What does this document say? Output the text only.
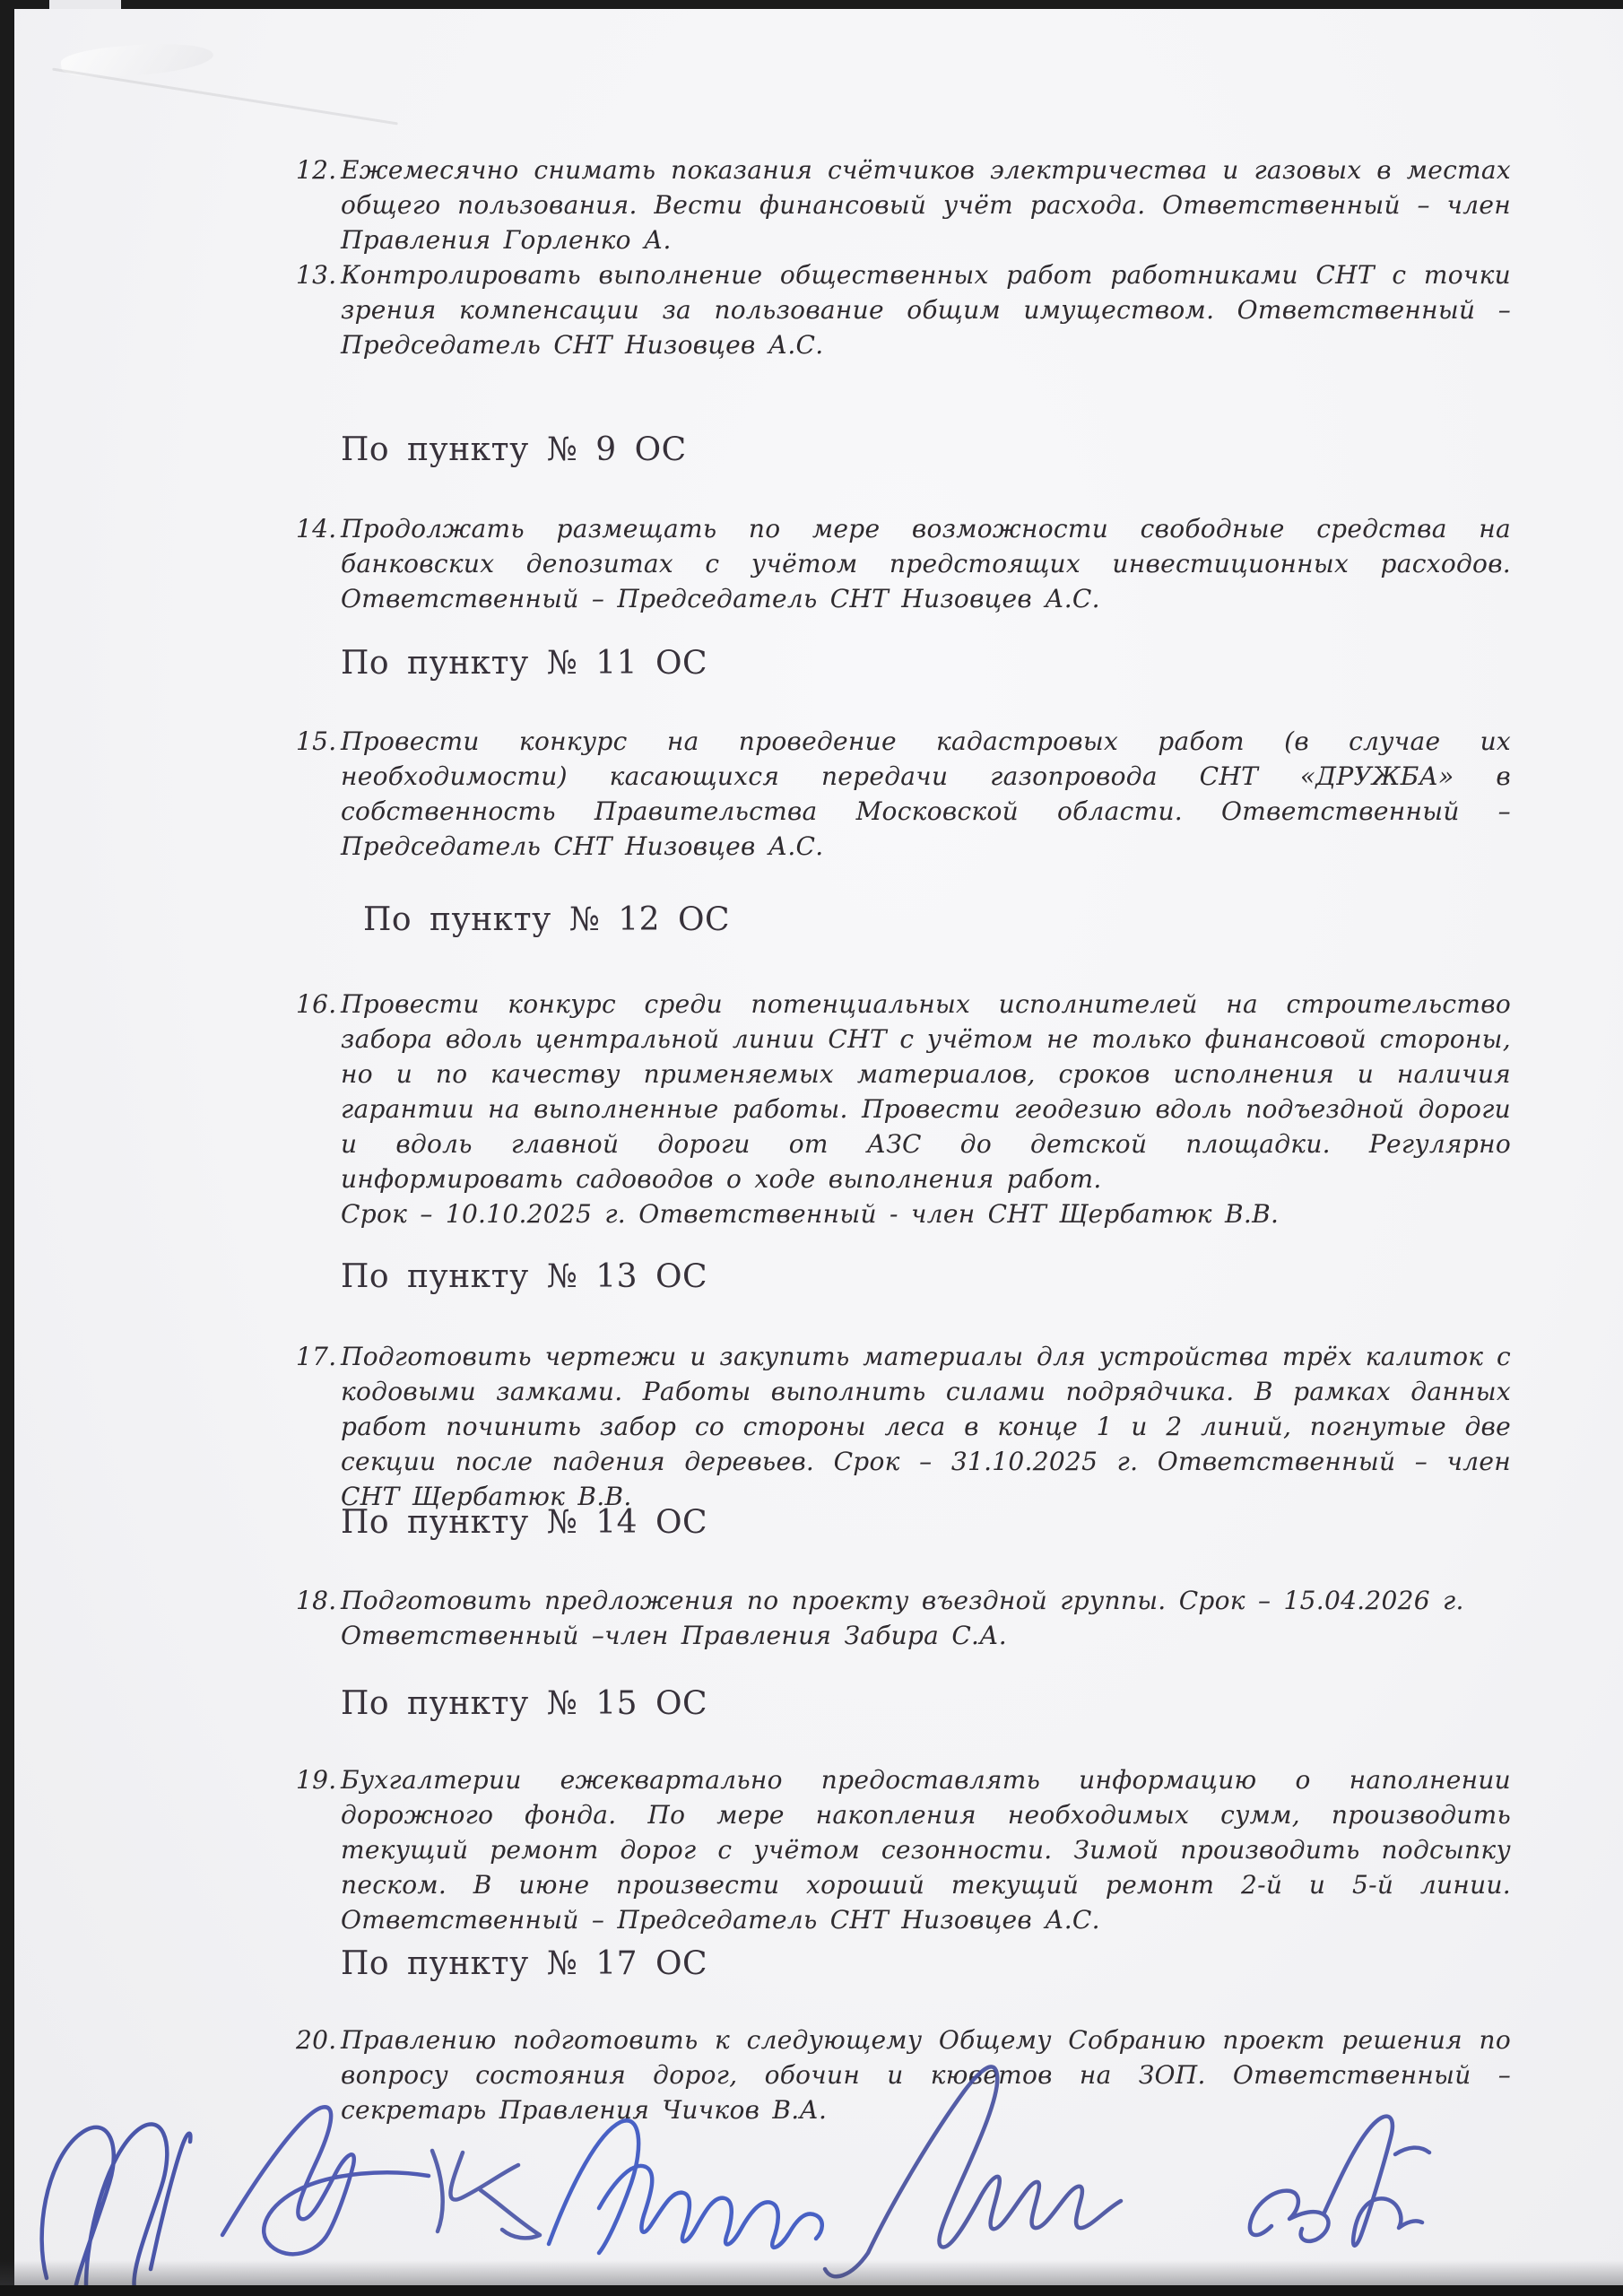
12. Ежемесячно снимать показания счётчиков электричества и газовых в местах общего пользования. Вести финансовый учёт расхода. Ответственный – член Правления Горленко А.

13. Контролировать выполнение общественных работ работниками СНТ с точки зрения компенсации за пользование общим имуществом. Ответственный – Председатель СНТ Низовцев А.С.

По пункту № 9 ОС
14. Продолжать размещать по мере возможности свободные средства на банковских депозитах с учётом предстоящих инвестиционных расходов. Ответственный – Председатель СНТ Низовцев А.С.

По пункту № 11 ОС
15. Провести конкурс на проведение кадастровых работ (в случае их необходимости) касающихся передачи газопровода СНТ «ДРУЖБА» в собственность Правительства Московской области. Ответственный – Председатель СНТ Низовцев А.С.

По пункту № 12 ОС
16. Провести конкурс среди потенциальных исполнителей на строительство забора вдоль центральной линии СНТ с учётом не только финансовой стороны, но и по качеству применяемых материалов, сроков исполнения и наличия гарантии на выполненные работы. Провести геодезию вдоль подъездной дороги и вдоль главной дороги от АЗС до детской площадки. Регулярно информировать садоводов о ходе выполнения работ.

Срок – 10.10.2025 г. Ответственный - член СНТ Щербатюк В.В.

По пункту № 13 ОС
17. Подготовить чертежи и закупить материалы для устройства трёх калиток с кодовыми замками. Работы выполнить силами подрядчика. В рамках данных работ починить забор со стороны леса в конце 1 и 2 линий, погнутые две секции после падения деревьев. Срок – 31.10.2025 г. Ответственный – член СНТ Щербатюк В.В.

По пункту № 14 ОС
18. Подготовить предложения по проекту въездной группы. Срок – 15.04.2026 г.

Ответственный –член Правления Забира С.А.

По пункту № 15 ОС
19. Бухгалтерии ежеквартально предоставлять информацию о наполнении дорожного фонда. По мере накопления необходимых сумм, производить текущий ремонт дорог с учётом сезонности. Зимой производить подсыпку песком. В июне произвести хороший текущий ремонт 2-й и 5-й линии. Ответственный – Председатель СНТ Низовцев А.С.

По пункту № 17 ОС
20. Правлению подготовить к следующему Общему Собранию проект решения по вопросу состояния дорог, обочин и кюветов на ЗОП. Ответственный – секретарь Правления Чичков В.А.
